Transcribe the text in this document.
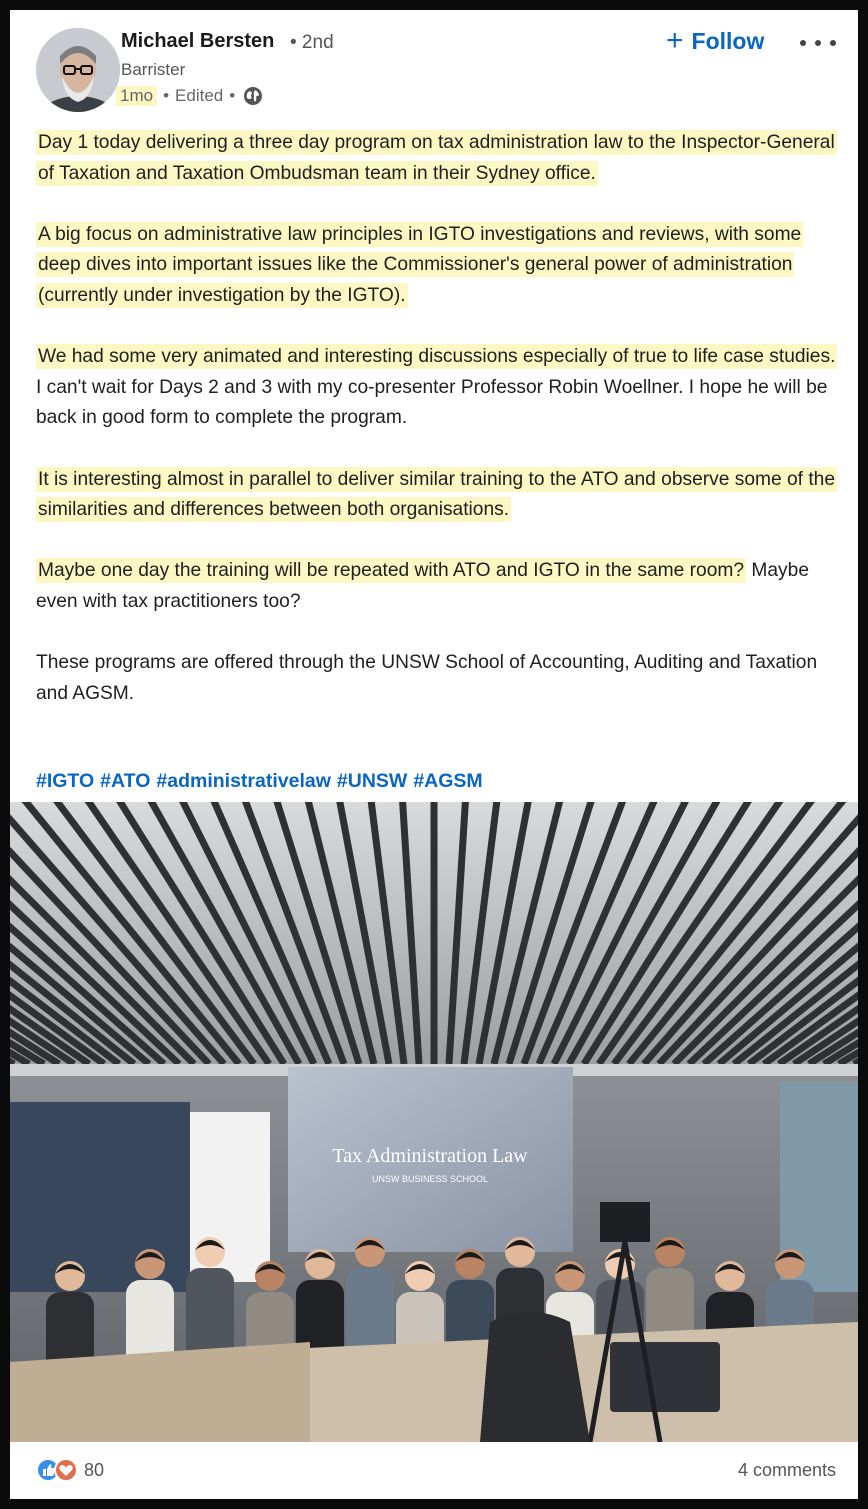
Michael Bersten • 2nd
Barrister
1mo • Edited •
+ Follow
Day 1 today delivering a three day program on tax administration law to the Inspector-General of Taxation and Taxation Ombudsman team in their Sydney office.
A big focus on administrative law principles in IGTO investigations and reviews, with some deep dives into important issues like the Commissioner's general power of administration (currently under investigation by the IGTO).
We had some very animated and interesting discussions especially of true to life case studies. I can't wait for Days 2 and 3 with my co-presenter Professor Robin Woellner. I hope he will be back in good form to complete the program.
It is interesting almost in parallel to deliver similar training to the ATO and observe some of the similarities and differences between both organisations.
Maybe one day the training will be repeated with ATO and IGTO in the same room? Maybe even with tax practitioners too?
These programs are offered through the UNSW School of Accounting, Auditing and Taxation and AGSM.
#IGTO #ATO #administrativelaw #UNSW #AGSM
Tax Administration Law
UNSW BUSINESS SCHOOL
80	4 comments
